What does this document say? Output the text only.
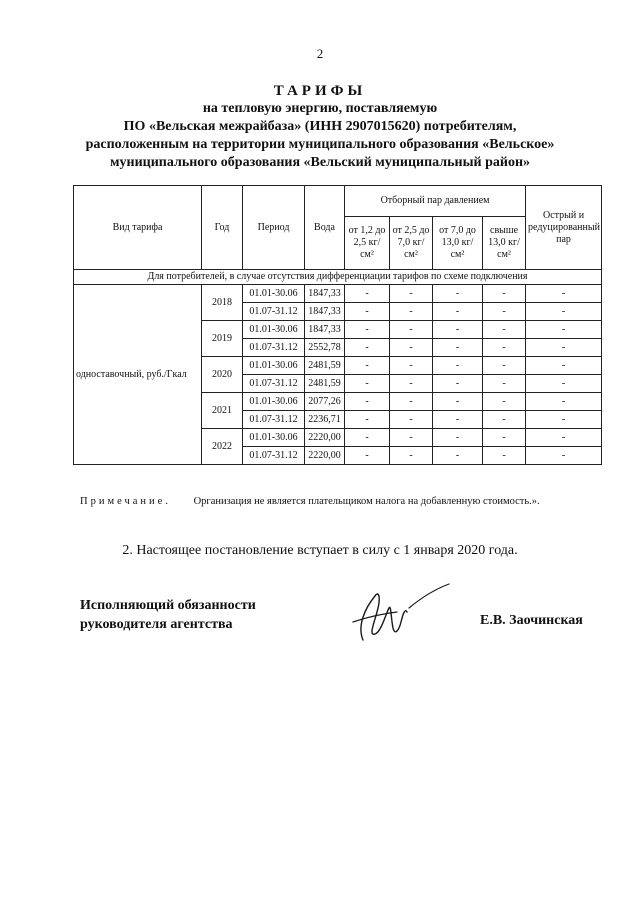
2
ТАРИФЫ
на тепловую энергию, поставляемую
ПО «Вельская межрайбаза» (ИНН 2907015620) потребителям,
расположенным на территории муниципального образования «Вельское»
муниципального образования «Вельский муниципальный район»
Вид тарифа	Год	Период	Вода	Отборный пар давлением				Острый и редуцированный пар
				от 1,2 до 2,5 кг/см²	от 2,5 до 7,0 кг/см²	от 7,0 до 13,0 кг/см²	свыше 13,0 кг/см²	
Для потребителей, в случае отсутствия дифференциации тарифов по схеме подключения								
одноставочный, руб./Гкал	2018	01.01-30.06	1847,33	-	-	-	-	-
		01.07-31.12	1847,33	-	-	-	-	-
	2019	01.01-30.06	1847,33	-	-	-	-	-
		01.07-31.12	2552,78	-	-	-	-	-
	2020	01.01-30.06	2481,59	-	-	-	-	-
		01.07-31.12	2481,59	-	-	-	-	-
	2021	01.01-30.06	2077,26	-	-	-	-	-
		01.07-31.12	2236,71	-	-	-	-	-
	2022	01.01-30.06	2220,00	-	-	-	-	-
		01.07-31.12	2220,00	-	-	-	-	-
Примечание. Организация не является плательщиком налога на добавленную стоимость.».
2. Настоящее постановление вступает в силу с 1 января 2020 года.
Исполняющий обязанности
руководителя агентства	Е.В. Заочинская
